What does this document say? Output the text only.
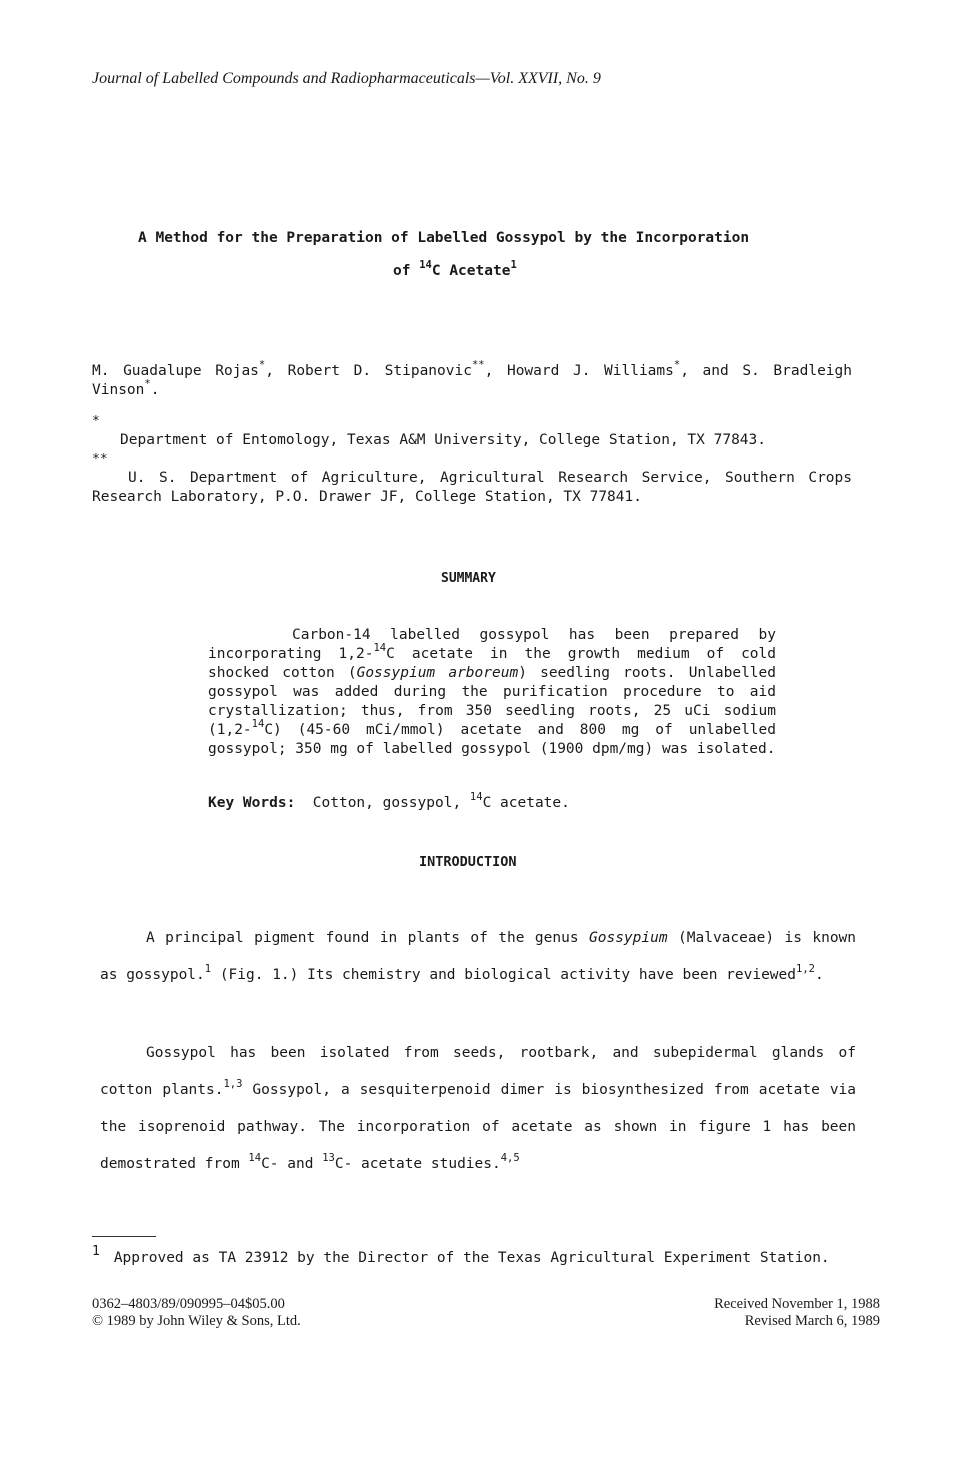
Journal of Labelled Compounds and Radiopharmaceuticals—Vol. XXVII, No. 9
A Method for the Preparation of Labelled Gossypol by the Incorporation
of $^{14}$C Acetate$^1$
M. Guadalupe Rojas*, Robert D. Stipanovic**, Howard J. Williams*, and S. Bradleigh Vinson*.
*
Department of Entomology, Texas A&M University, College Station, TX 77843.
**
U. S. Department of Agriculture, Agricultural Research Service, Southern Crops Research Laboratory, P.O. Drawer JF, College Station, TX 77841.
SUMMARY
Carbon-14 labelled gossypol has been prepared by incorporating 1,2-$^{14}$C acetate in the growth medium of cold shocked cotton (Gossypium arboreum) seedling roots. Unlabelled gossypol was added during the purification procedure to aid crystallization; thus, from 350 seedling roots, 25 uCi sodium (1,2-$^{14}$C) (45-60 mCi/mmol) acetate and 800 mg of unlabelled gossypol; 350 mg of labelled gossypol (1900 dpm/mg) was isolated.
Key Words: Cotton, gossypol, $^{14}$C acetate.
INTRODUCTION
A principal pigment found in plants of the genus Gossypium (Malvaceae) is known as gossypol.$^1$ (Fig. 1.) Its chemistry and biological activity have been reviewed$^{1,2}$.
Gossypol has been isolated from seeds, rootbark, and subepidermal glands of cotton plants.$^{1,3}$ Gossypol, a sesquiterpenoid dimer is biosynthesized from acetate via the isoprenoid pathway. The incorporation of acetate as shown in figure 1 has been demostrated from $^{14}$C- and $^{13}$C- acetate studies.$^{4,5}$
1 Approved as TA 23912 by the Director of the Texas Agricultural Experiment Station.
0362–4803/89/090995–04$05.00
© 1989 by John Wiley & Sons, Ltd.
Received November 1, 1988
Revised March 6, 1989
